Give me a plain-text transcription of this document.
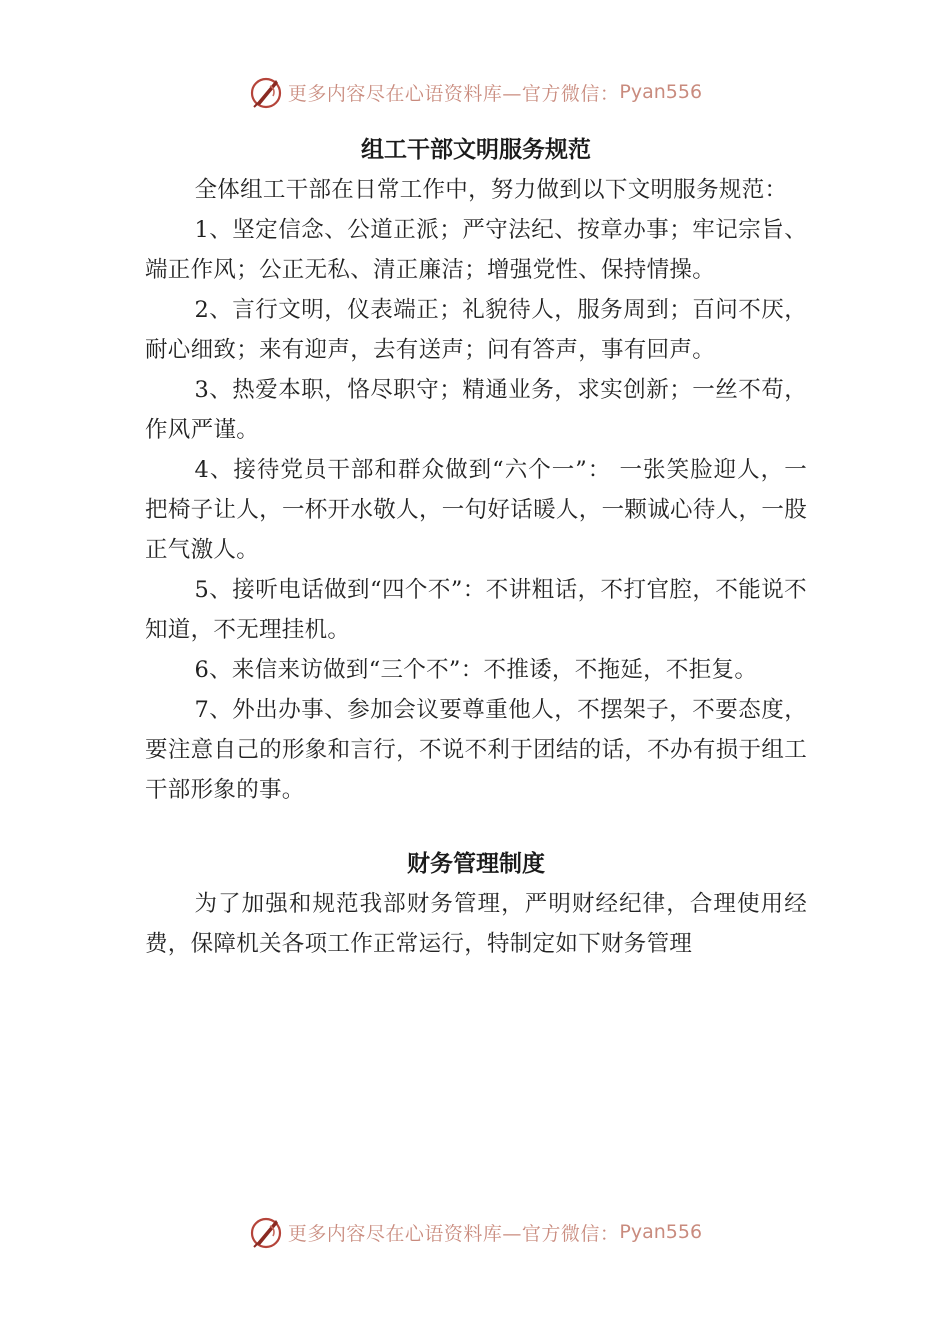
更多内容尽在心语资料库—官方微信： Pyan556
组工干部文明服务规范

全体组工干部在日常工作中，努力做到以下文明服务规范：

1、坚定信念、公道正派；严守法纪、按章办事；牢记宗旨、端正作风；公正无私、清正廉洁；增强党性、保持情操。

2、言行文明，仪表端正；礼貌待人，服务周到；百问不厌，耐心细致；来有迎声，去有送声；问有答声，事有回声。

3、热爱本职，恪尽职守；精通业务，求实创新；一丝不苟，作风严谨。

4、接待党员干部和群众做到“六个一”： 一张笑脸迎人，一把椅子让人，一杯开水敬人，一句好话暖人，一颗诚心待人，一股正气激人。

5、接听电话做到“四个不”：不讲粗话，不打官腔，不能说不知道，不无理挂机。

6、来信来访做到“三个不”：不推诿，不拖延，不拒复。

7、外出办事、参加会议要尊重他人，不摆架子，不要态度，要注意自己的形象和言行，不说不利于团结的话，不办有损于组工干部形象的事。

财务管理制度

为了加强和规范我部财务管理，严明财经纪律，合理使用经费，保障机关各项工作正常运行，特制定如下财务管理

更多内容尽在心语资料库—官方微信： Pyan556
